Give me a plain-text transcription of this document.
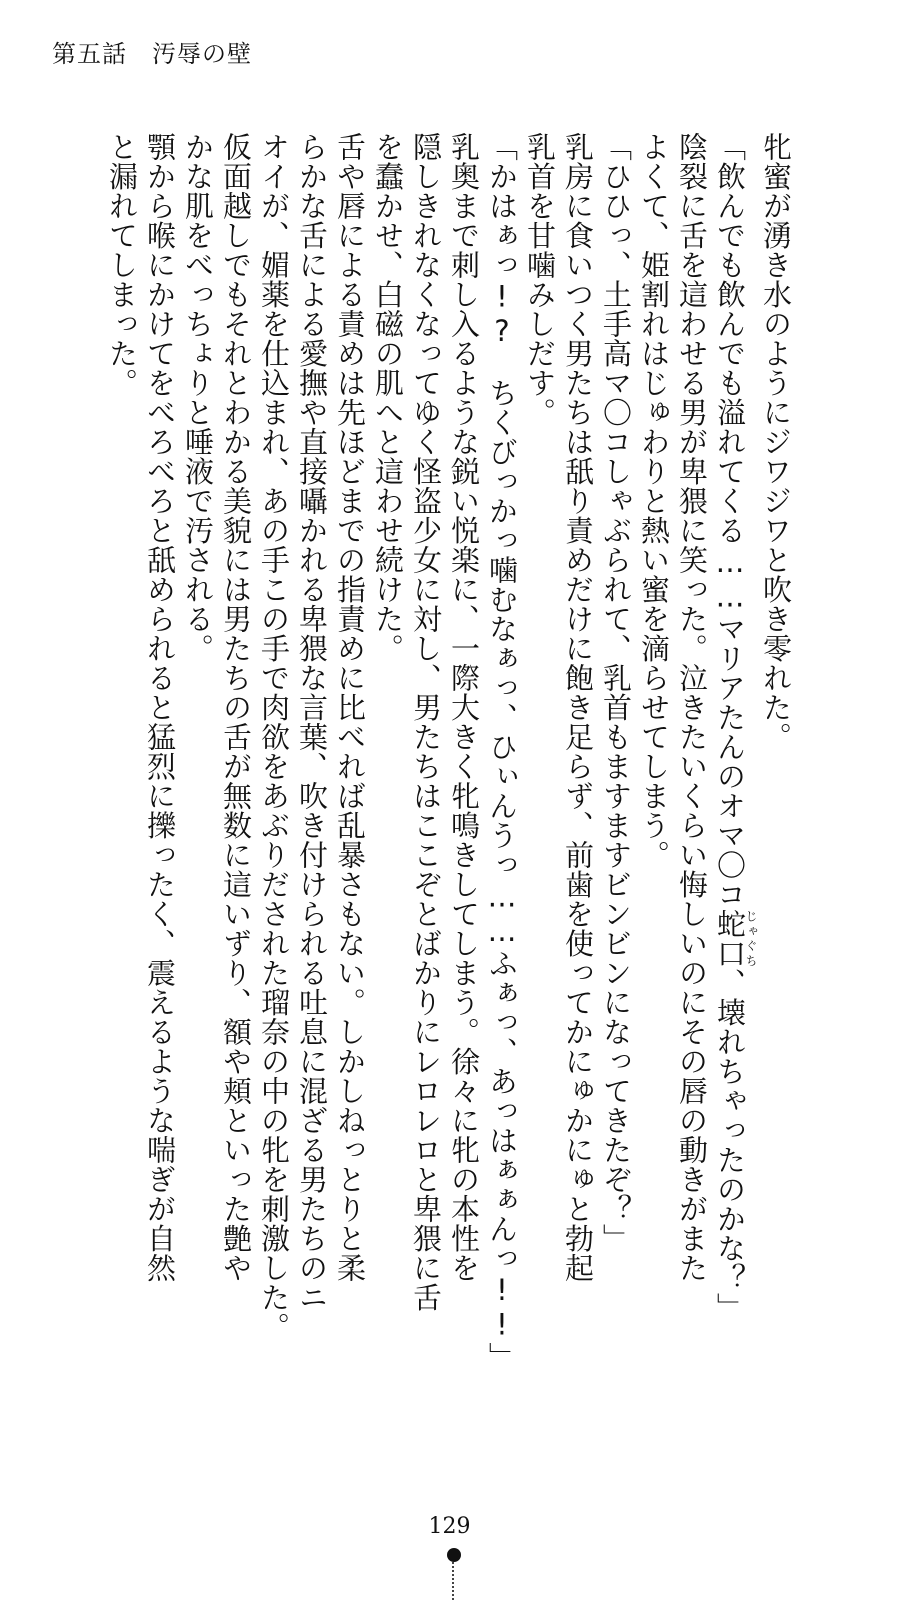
第五話　汚辱の壁
牝蜜が湧き水のようにジワジワと吹き零れた。
「飲んでも飲んでも溢れてくる……マリアたんのオマ〇コ蛇口じゃぐち、壊れちゃったのかな？」
陰裂に舌を這わせる男が卑猥に笑った。泣きたいくらい悔しいのにその唇の動きがまた
よくて、姫割れはじゅわりと熱い蜜を滴らせてしまう。
「ひひっ、土手高マ〇コしゃぶられて、乳首もますますビンビンになってきたぞ？」
乳房に食いつく男たちは舐り責めだけに飽き足らず、前歯を使ってかにゅかにゅと勃起
乳首を甘噛みしだす。
「かはぁっ!?　ちくびっかっ噛むなぁっ、ひぃんうっ……ふぁっ、あっはぁぁんっ!!」
乳奥まで刺し入るような鋭い悦楽に、一際大きく牝鳴きしてしまう。徐々に牝の本性を
隠しきれなくなってゆく怪盗少女に対し、男たちはここぞとばかりにレロレロと卑猥に舌
を蠢かせ、白磁の肌へと這わせ続けた。
舌や唇による責めは先ほどまでの指責めに比べれば乱暴さもない。しかしねっとりと柔
らかな舌による愛撫や直接囁かれる卑猥な言葉、吹き付けられる吐息に混ざる男たちのニ
オイが、媚薬を仕込まれ、あの手この手で肉欲をあぶりだされた瑠奈の中の牝を刺激した。
仮面越しでもそれとわかる美貌には男たちの舌が無数に這いずり、額や頬といった艶や
かな肌をべっちょりと唾液で汚される。
顎から喉にかけてをべろべろと舐められると猛烈に擽ったく、震えるような喘ぎが自然
と漏れてしまった。
129
